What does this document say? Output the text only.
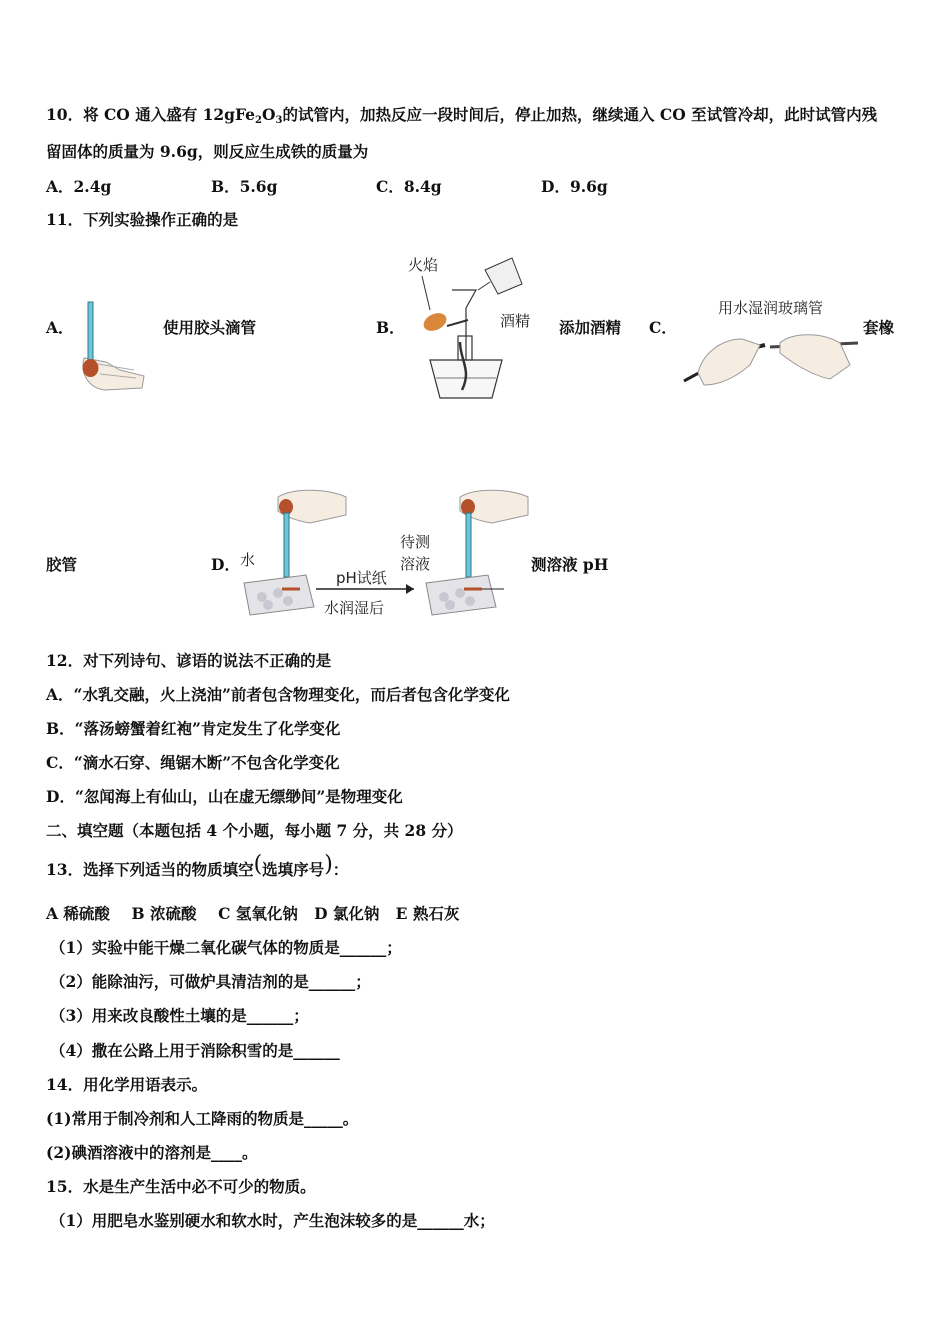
10．将 CO 通入盛有 $12gFe_2O_3$的试管内，加热反应一段时间后，停止加热，继续通入 CO 至试管冷却，此时试管内残
留固体的质量为 9.6g，则反应生成铁的质量为
A．2.4g	B．5.6g	C．8.4g	D．9.6g
11．下列实验操作正确的是
A．	使用胶头滴管	B．
火焰
酒精 添加酒精 C．
用水湿润玻璃管
套橡
胶管	D． 水
pH试纸
水润湿后
待测
溶液	测溶液 pH
12．对下列诗句、谚语的说法不正确的是
A．“水乳交融，火上浇油”前者包含物理变化，而后者包含化学变化
B．“落汤螃蟹着红袍”肯定发生了化学变化
C．“滴水石穿、绳锯木断”不包含化学变化
D．“忽闻海上有仙山，山在虚无缥缈间”是物理变化
二、填空题（本题包括 4 个小题，每小题 7 分，共 28 分）
13．选择下列适当的物质填空(选填序号)：
A 稀硫酸 B 浓硫酸 C 氢氧化钠 D 氯化钠 E 熟石灰
（1）实验中能干燥二氧化碳气体的物质是______；
（2）能除油污，可做炉具清洁剂的是______；
（3）用来改良酸性土壤的是______；
（4）撒在公路上用于消除积雪的是______
14．用化学用语表示。
(1)常用于制冷剂和人工降雨的物质是_____。
(2)碘酒溶液中的溶剂是____。
15．水是生产生活中必不可少的物质。
（1）用肥皂水鉴别硬水和软水时，产生泡沫较多的是______水；
